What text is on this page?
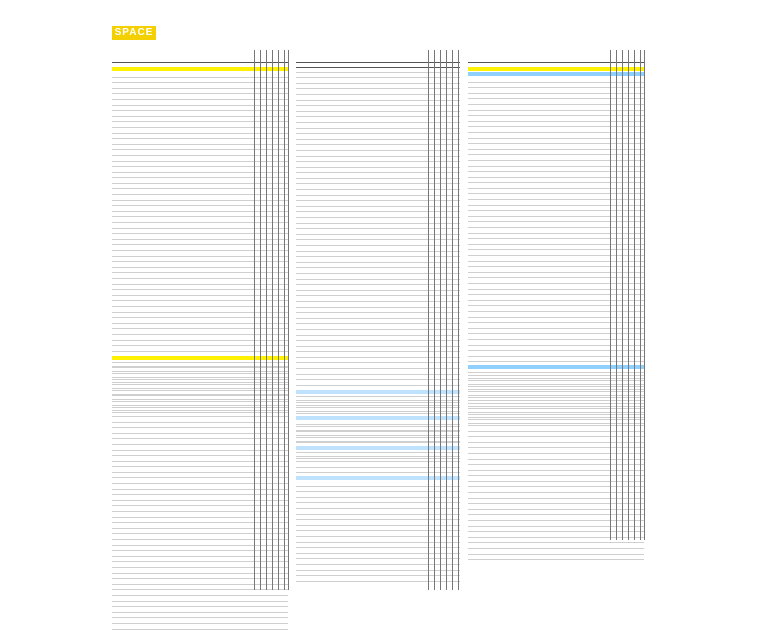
SPACE
